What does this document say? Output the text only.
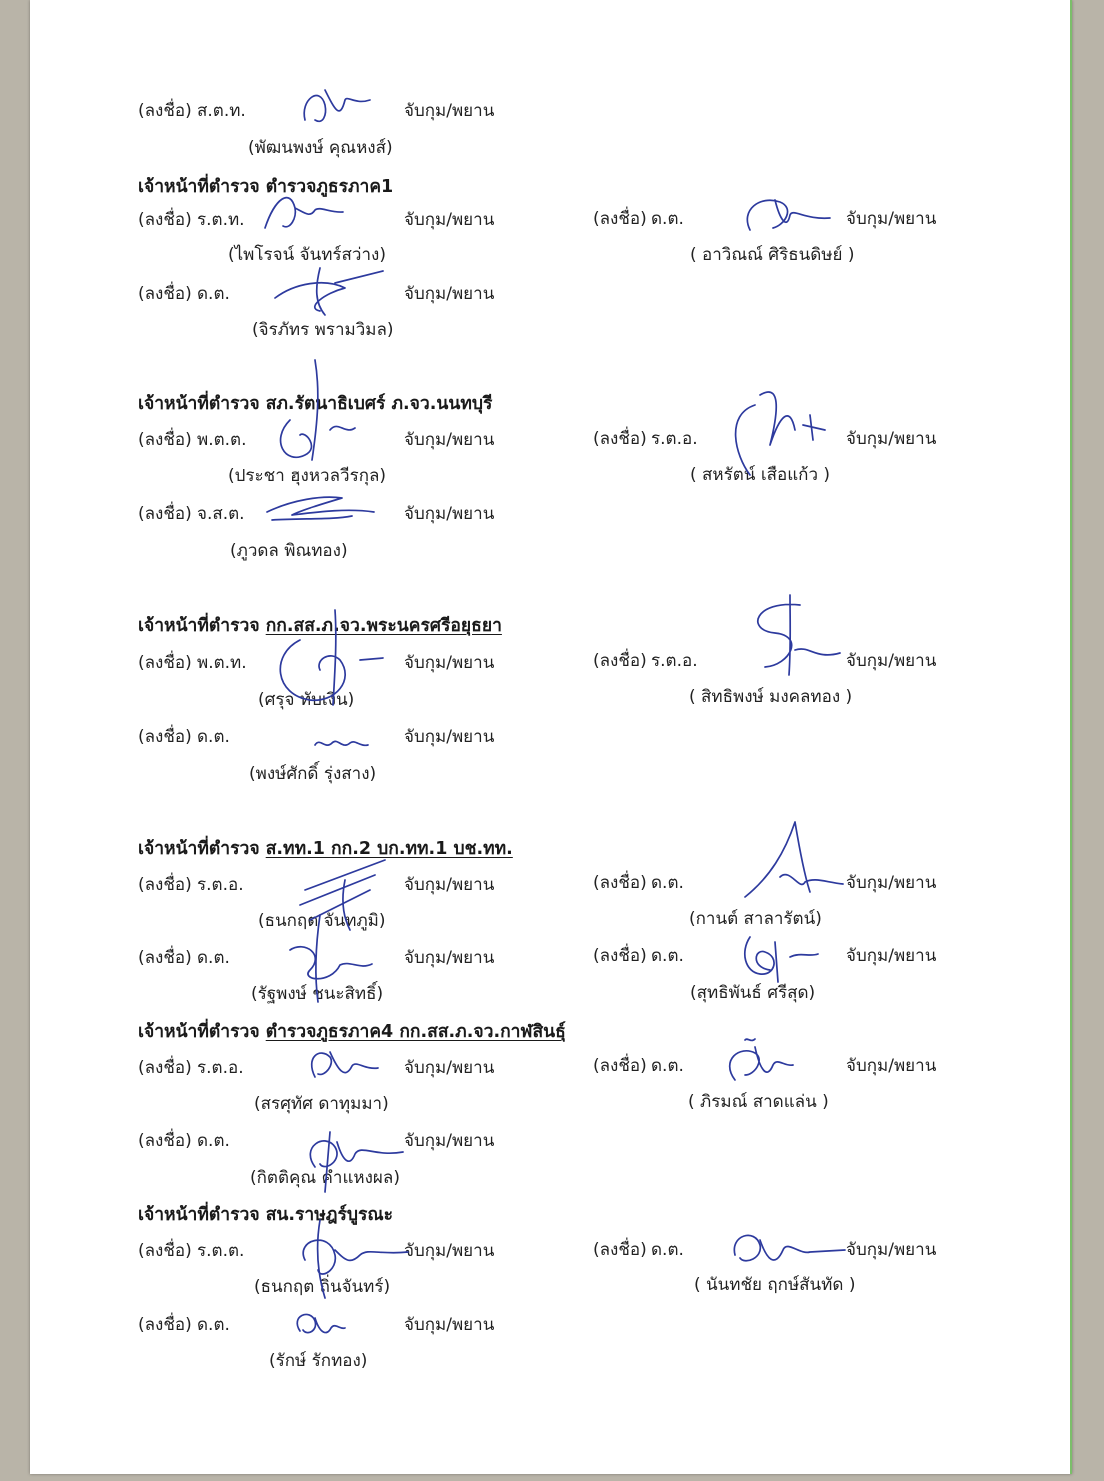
เจ้าหน้าที่ตำรวจ ตำรวจภูธรภาค1
เจ้าหน้าที่ตำรวจ สภ.รัตนาธิเบศร์ ภ.จว.นนทบุรี
เจ้าหน้าที่ตำรวจ กก.สส.ภ.จว.พระนครศรีอยุธยา
เจ้าหน้าที่ตำรวจ ส.ทท.1 กก.2 บก.ทท.1 บช.ทท.
เจ้าหน้าที่ตำรวจ ตำรวจภูธรภาค4 กก.สส.ภ.จว.กาฬสินธุ์
เจ้าหน้าที่ตำรวจ สน.ราษฎร์บูรณะ
(ลงชื่อ) ส.ต.ท.	จับกุม/พยาน
(พัฒนพงษ์ คุณหงส์)
(ลงชื่อ) ร.ต.ท.	จับกุม/พยาน
(ไพโรจน์ จันทร์สว่าง)
(ลงชื่อ) ด.ต.	จับกุม/พยาน
( อาวิณณ์ ศิริธนดิษย์ )
(ลงชื่อ) ด.ต.	จับกุม/พยาน
(จิรภัทร พรามวิมล)
(ลงชื่อ) พ.ต.ต.	จับกุม/พยาน
(ประชา ฮุงหวลวีรกุล)
(ลงชื่อ) ร.ต.อ.	จับกุม/พยาน
( สหรัตน์ เสือแก้ว )
(ลงชื่อ) จ.ส.ต.	จับกุม/พยาน
(ภูวดล พิณทอง)
(ลงชื่อ) พ.ต.ท.	จับกุม/พยาน
(ศรุจ ทับเงิน)
(ลงชื่อ) ร.ต.อ.	จับกุม/พยาน
( สิทธิพงษ์ มงคลทอง )
(ลงชื่อ) ด.ต.	จับกุม/พยาน
(พงษ์ศักดิ์ รุ่งสาง)
(ลงชื่อ) ร.ต.อ.	จับกุม/พยาน
(ธนกฤต จันทภูมิ)
(ลงชื่อ) ด.ต.	จับกุม/พยาน
(กานต์ สาลารัตน์)
(ลงชื่อ) ด.ต.	จับกุม/พยาน
(รัฐพงษ์ ชนะสิทธิ์)
(ลงชื่อ) ด.ต.	จับกุม/พยาน
(สุทธิพันธ์ ศรีสุด)
(ลงชื่อ) ร.ต.อ.	จับกุม/พยาน
(สรศุทัศ ดาทุมมา)
(ลงชื่อ) ด.ต.	จับกุม/พยาน
( ภิรมณ์ สาดแล่น )
(ลงชื่อ) ด.ต.	จับกุม/พยาน
(กิตติคุณ คำแหงผล)
(ลงชื่อ) ร.ต.ต.	จับกุม/พยาน
(ธนกฤต ถิ่นจันทร์)
(ลงชื่อ) ด.ต.	จับกุม/พยาน
( นันทชัย ฤกษ์สันทัด )
(ลงชื่อ) ด.ต.	จับกุม/พยาน
(รักษ์ รักทอง)
